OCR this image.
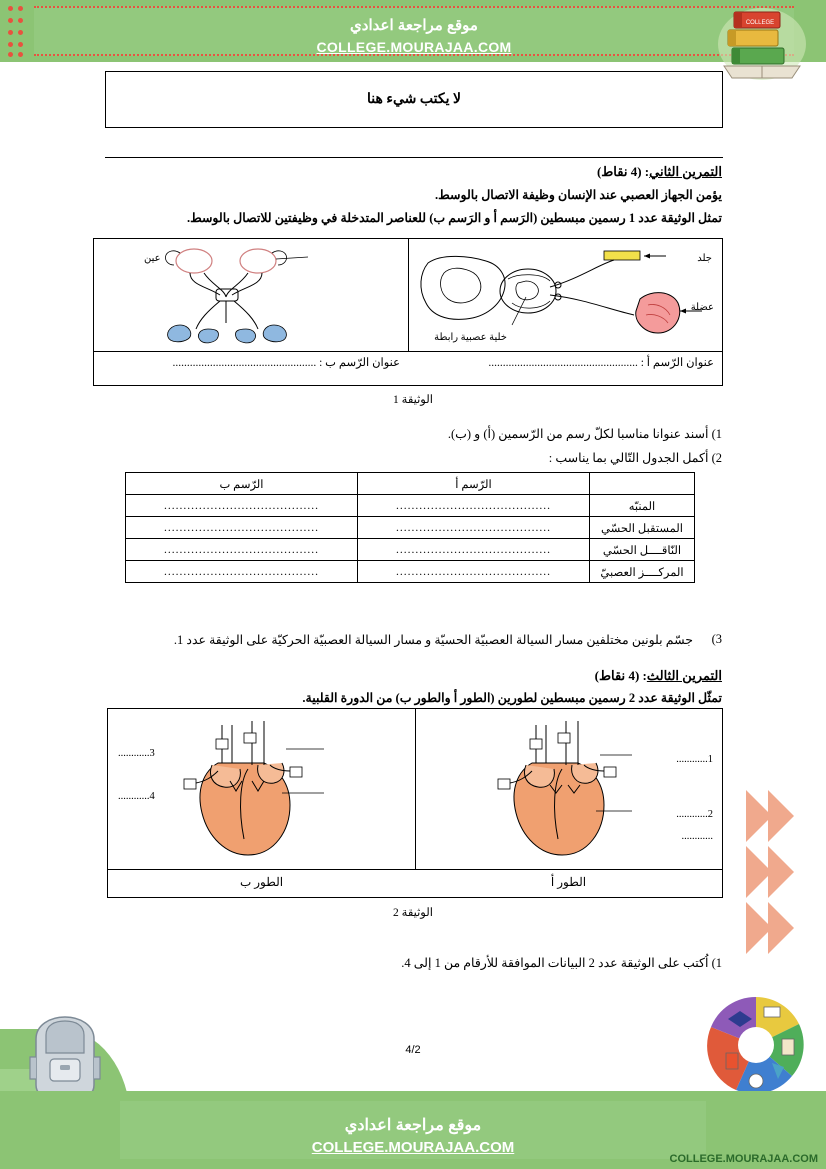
موقع مراجعة اعدادي
COLLEGE.MOURAJAA.COM
COLLEGE
لا يكتب شيء هنا
التمرين الثاني: (4 نقاط)
يؤمن الجهاز العصبي عند الإنسان وظيفة الاتصال بالوسط.
تمثل الوثيقة عدد 1 رسمين مبسطين (الرَسم أ و الرَسم ب) للعناصر المتدخلة في وظيفتين للاتصال بالوسط.
خلية عصبية رابطة
جلد
عضلة
عين
عنوان الرّسم أ : ....................................................
عنوان الرّسم ب : ..................................................
الوثيقة 1
1) أسند عنوانا مناسبا لكلّ رسم من الرّسمين (أ) و (ب).
2) أكمل الجدول التّالي بما يناسب :
	الرّسم أ	الرّسم ب
المنبّه	........................................	........................................
المستقبل الحسّي	........................................	........................................
النّاقــــل الحسّي	........................................	........................................
المركــــز العصبيّ	........................................	........................................
3)
جسّم بلونين مختلفين مسار السيالة العصبيّة الحسيّة و مسار السيالة العصبيّة الحركيّة على الوثيقة عدد 1.
التمرين الثالث: (4 نقاط)
تمثّل الوثيقة عدد 2 رسمين مبسطين لطورين (الطور أ والطور ب) من الدورة القلبية.
1............
2............
............
3............
4............
الطور أ
الطور ب
الوثيقة 2
1) اُكتب على الوثيقة عدد 2 البيانات الموافقة للأرقام من 1 إلى 4.
4/2
موقع مراجعة اعدادي
COLLEGE.MOURAJAA.COM
COLLEGE.MOURAJAA.COM
